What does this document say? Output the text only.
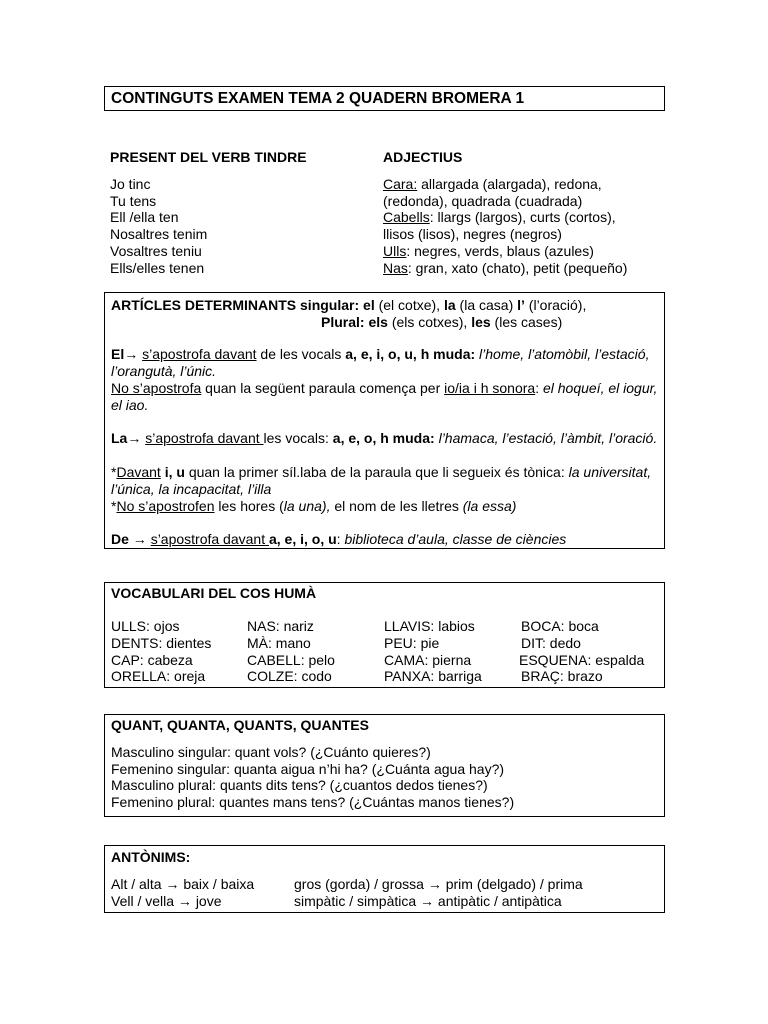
CONTINGUTS EXAMEN TEMA 2 QUADERN BROMERA 1
PRESENT DEL VERB TINDRE
Jo tinc
Tu tens
Ell /ella ten
Nosaltres tenim
Vosaltres teniu
Ells/elles tenen
ADJECTIUS
Cara: allargada (alargada), redona,
(redonda), quadrada (cuadrada)
Cabells: llargs (largos), curts (cortos),
llisos (lisos), negres (negros)
Ulls: negres, verds, blaus (azules)
Nas: gran, xato (chato), petit (pequeño)
ARTÍCLES DETERMINANTS singular: el (el cotxe), la (la casa) l’ (l’oració),
Plural: els (els cotxes), les (les cases)
El→ s’apostrofa davant de les vocals a, e, i, o, u, h muda: l’home, l’atomòbil, l’estació, l’orangutà, l’únic.
No s’apostrofa quan la següent paraula comença per io/ia i h sonora: el hoqueí, el iogur, el iao.
La→ s’apostrofa davant les vocals: a, e, o, h muda: l’hamaca, l’estació, l’àmbit, l’oració.
*Davant i, u quan la primer síl.laba de la paraula que li segueix és tònica: la universitat, l’única, la incapacitat, l’illa
*No s’apostrofen les hores (la una), el nom de les lletres (la essa)
De → s’apostrofa davant a, e, i, o, u: biblioteca d’aula, classe de ciències
VOCABULARI DEL COS HUMÀ
ULLS: ojos	NAS: nariz	LLAVIS: labios	BOCA: boca
DENTS: dientes	MÀ: mano	PEU: pie	DIT: dedo
CAP: cabeza	CABELL: pelo	CAMA: pierna	ESQUENA: espalda
ORELLA: oreja	COLZE: codo	PANXA: barriga	BRAÇ: brazo
QUANT, QUANTA, QUANTS, QUANTES
Masculino singular: quant vols? (¿Cuánto quieres?)
Femenino singular: quanta aigua n’hi ha? (¿Cuánta agua hay?)
Masculino plural: quants dits tens? (¿cuantos dedos tienes?)
Femenino plural: quantes mans tens? (¿Cuántas manos tienes?)
ANTÒNIMS:
Alt / alta → baix / baixa	gros (gorda) / grossa → prim (delgado) / prima
Vell / vella → jove	simpàtic / simpàtica → antipàtic / antipàtica
